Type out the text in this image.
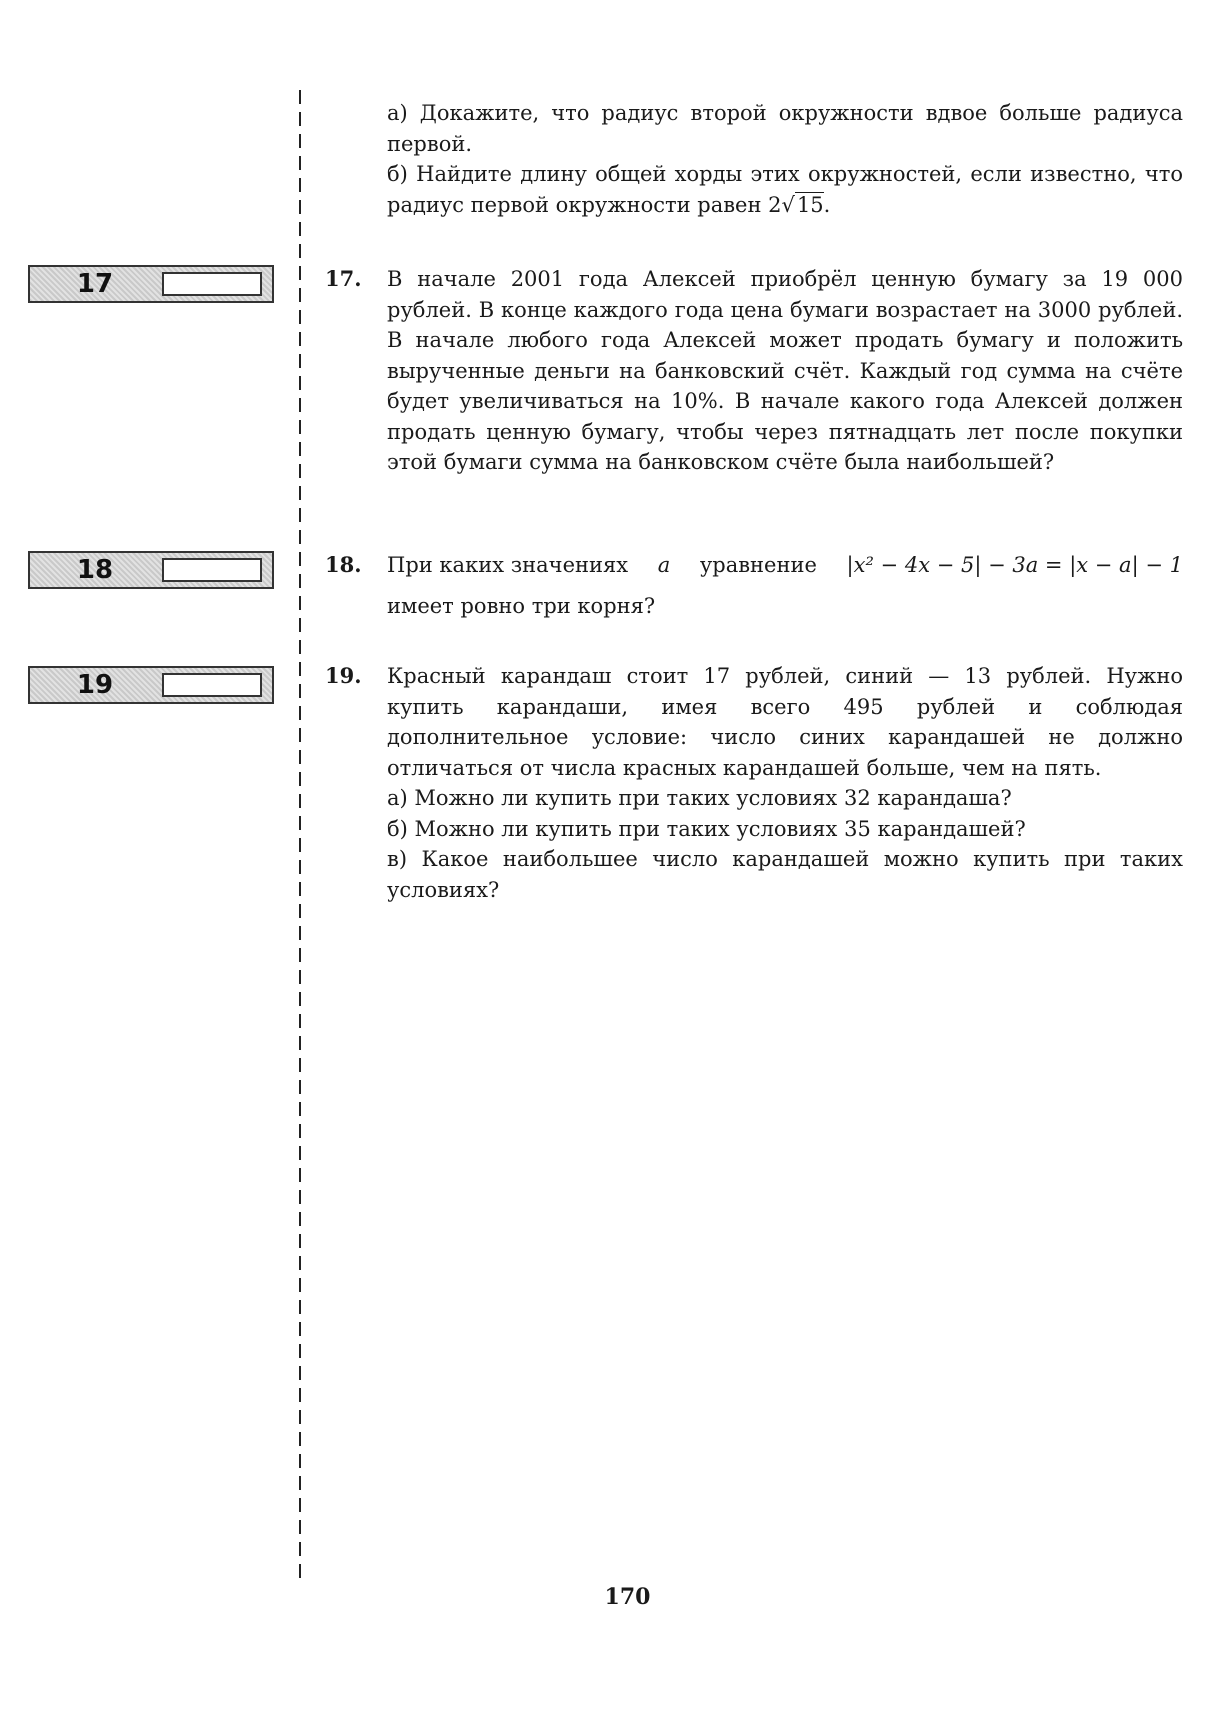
а) Докажите, что радиус второй окружности вдвое больше радиуса первой.

б) Найдите длину общей хорды этих окружностей, если известно, что радиус первой окружности равен 2√15.

17
18
19
17. В начале 2001 года Алексей приобрёл ценную бумагу за 19 000 рублей. В конце каждого года цена бумаги возрастает на 3000 рублей. В начале любого года Алексей может продать бумагу и положить вырученные деньги на банковский счёт. Каждый год сумма на счёте будет увеличиваться на 10%. В начале какого года Алексей должен продать ценную бумагу, чтобы через пятнадцать лет после покупки этой бумаги сумма на банковском счёте была наибольшей?

18. При каких значениях a уравнение |x² − 4x − 5| − 3a = |x − a| − 1

имеет ровно три корня?

19. Красный карандаш стоит 17 рублей, синий — 13 рублей. Нужно купить карандаши, имея всего 495 рублей и соблюдая дополнительное условие: число синих карандашей не должно отличаться от числа красных карандашей больше, чем на пять.

а) Можно ли купить при таких условиях 32 карандаша?

б) Можно ли купить при таких условиях 35 карандашей?

в) Какое наибольшее число карандашей можно купить при таких условиях?

170
